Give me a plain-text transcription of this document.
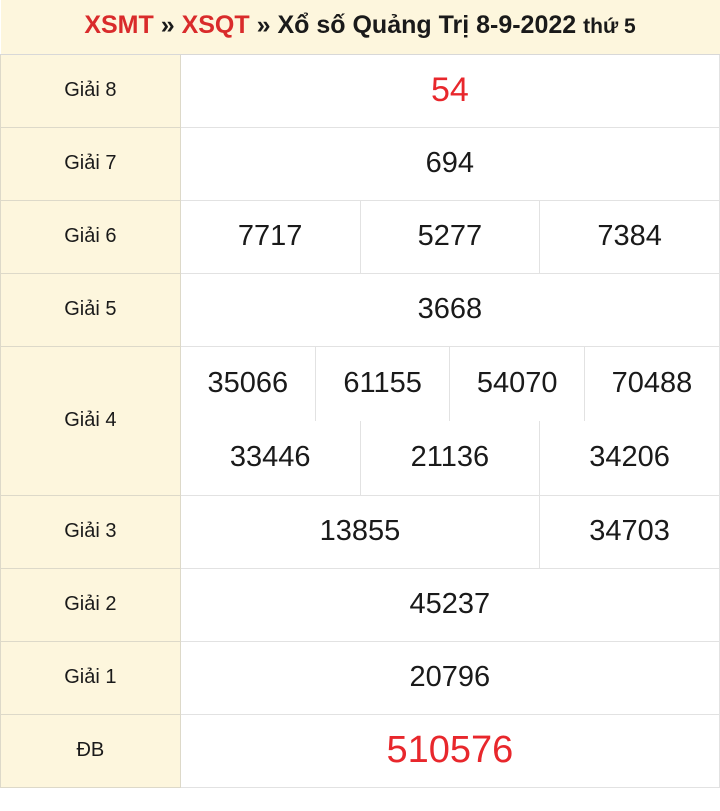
XSMT » XSQT » Xổ số Quảng Trị 8-9-2022 thứ 5

Giải 8	54
Giải 7	694
Giải 6	7717	5277	7384
Giải 5	3668
Giải 4	
35066	61155	54070	70488
33446	21136	34206

Giải 3	13855	34703
Giải 2	45237
Giải 1	20796
ĐB	510576
